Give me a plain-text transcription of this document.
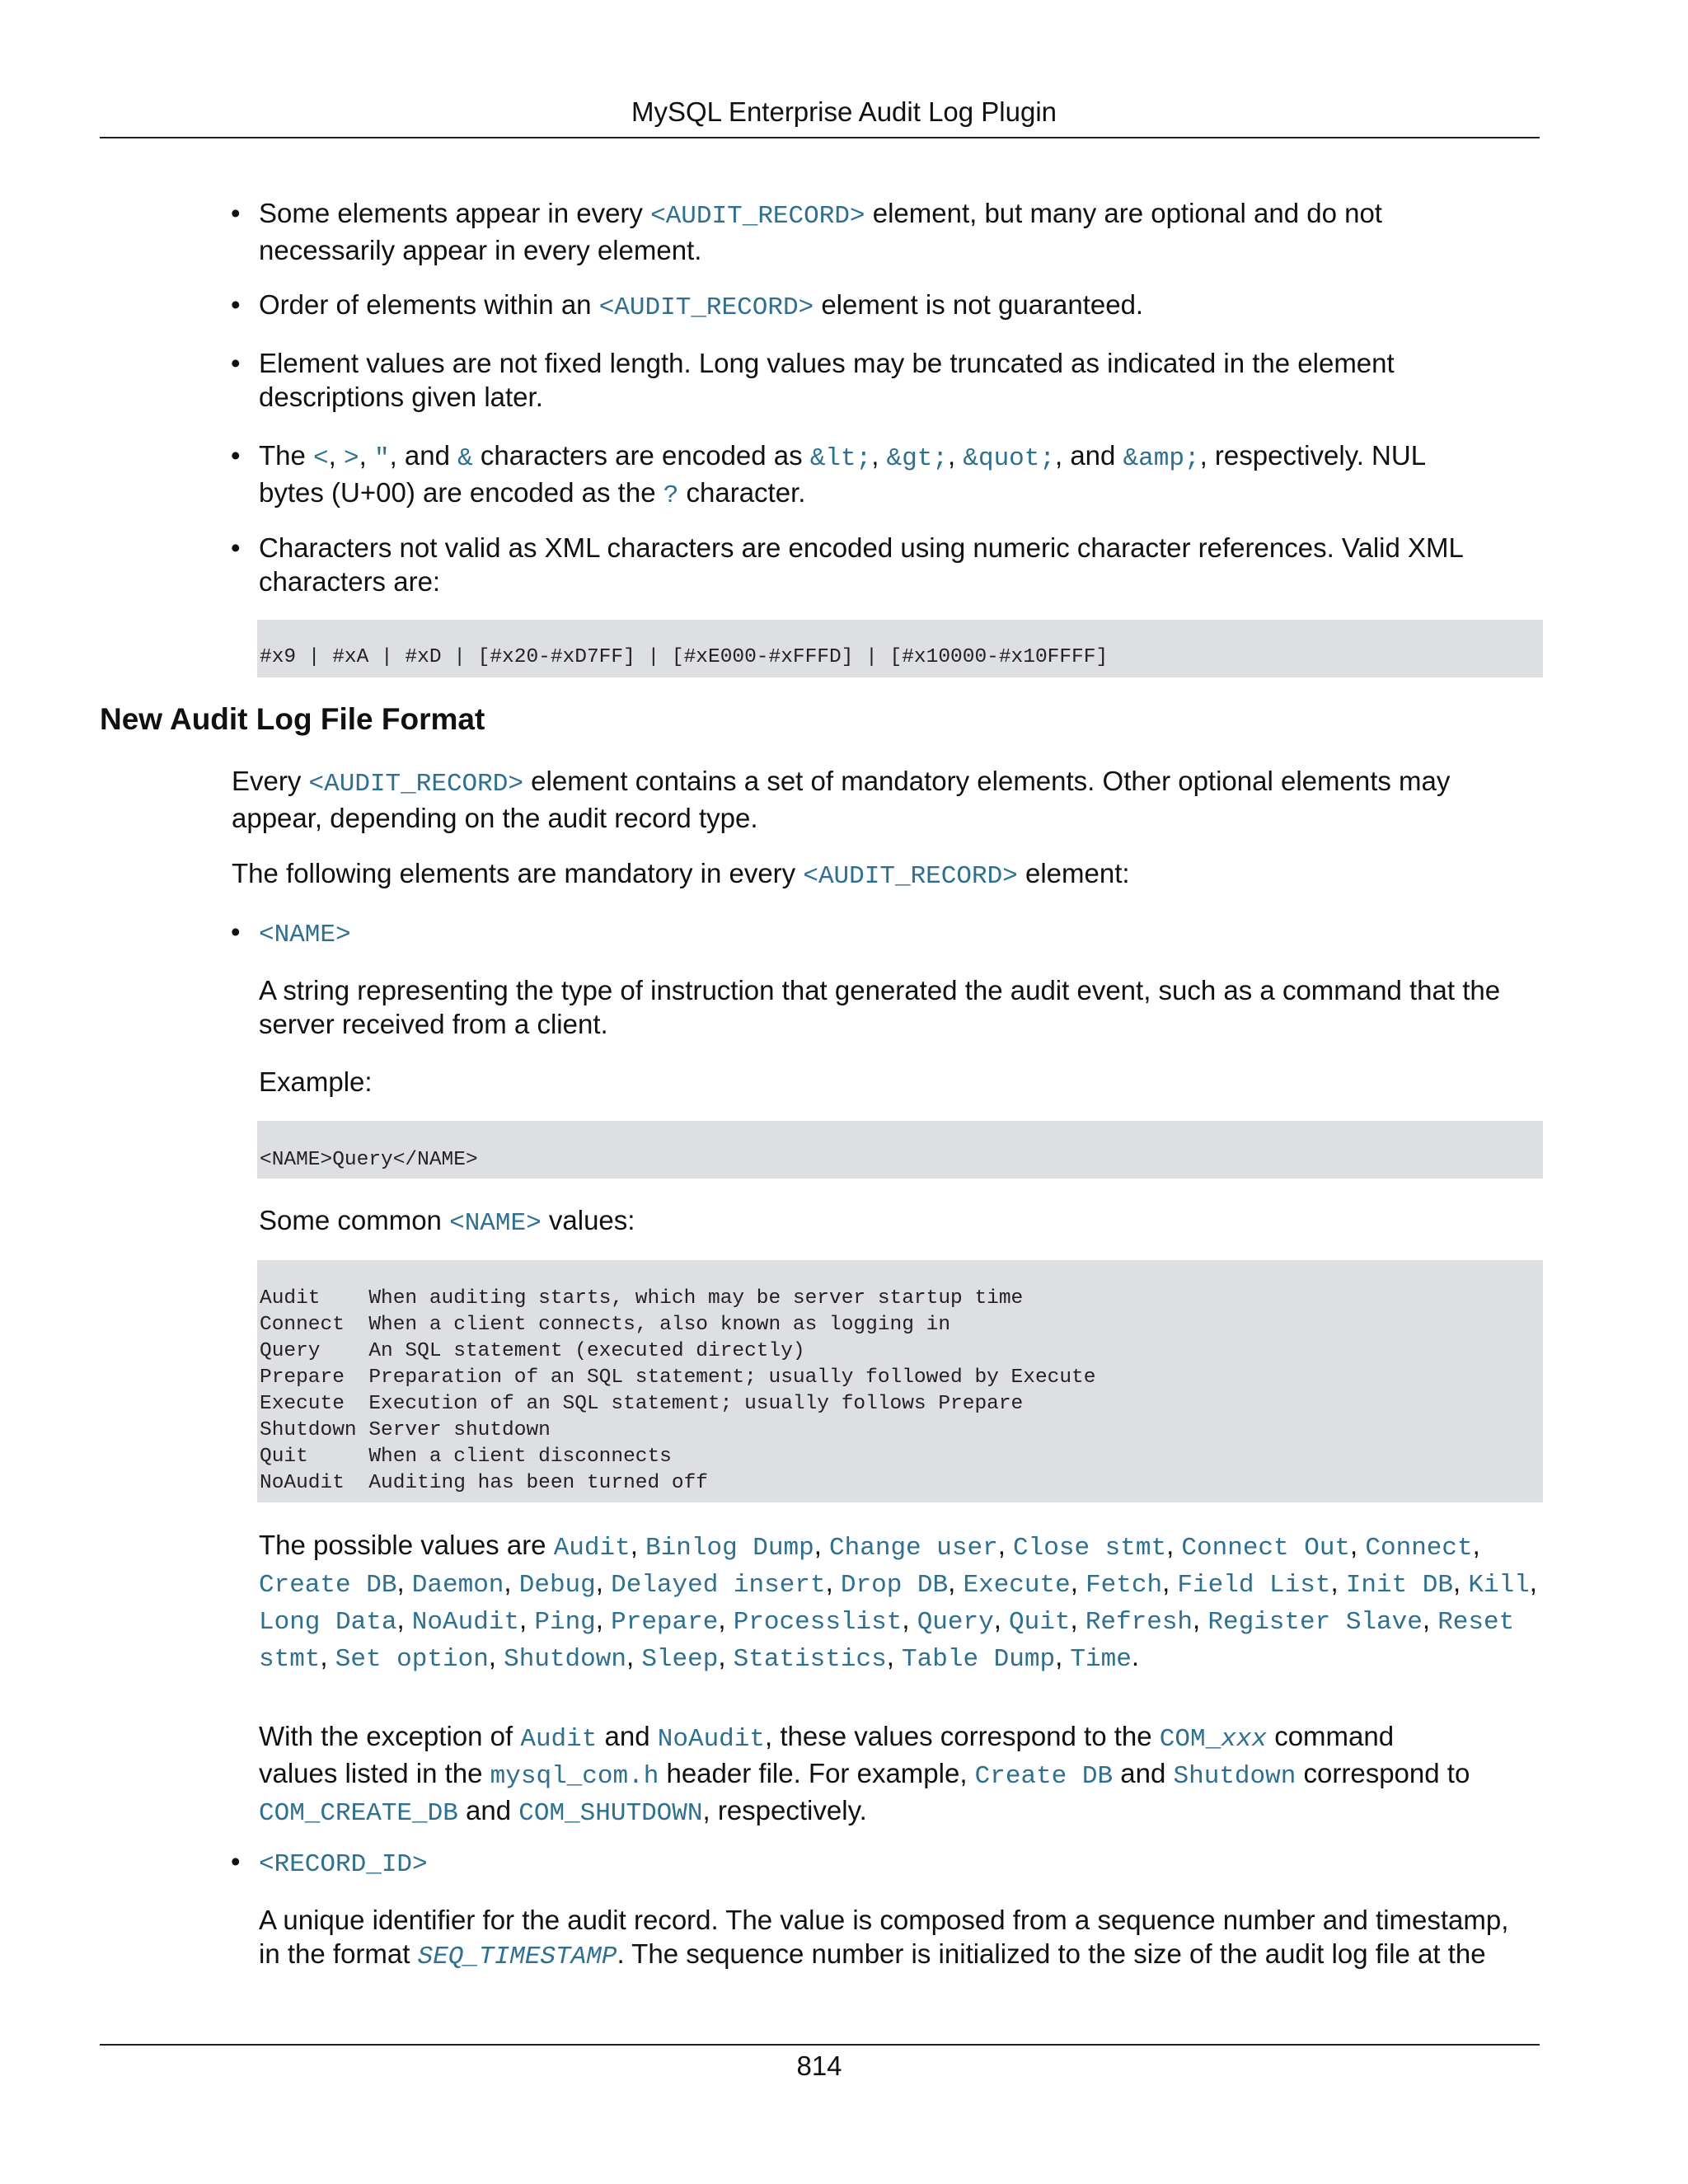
MySQL Enterprise Audit Log Plugin
• Some elements appear in every <AUDIT_RECORD> element, but many are optional and do not

necessarily appear in every element.

• Order of elements within an <AUDIT_RECORD> element is not guaranteed.

• Element values are not fixed length. Long values may be truncated as indicated in the element

descriptions given later.

• The <, >, ", and & characters are encoded as &lt;, &gt;, &quot;, and &amp;, respectively. NUL

bytes (U+00) are encoded as the ? character.

• Characters not valid as XML characters are encoded using numeric character references. Valid XML

characters are:

#x9 | #xA | #xD | [#x20-#xD7FF] | [#xE000-#xFFFD] | [#x10000-#x10FFFF]
New Audit Log File Format

Every <AUDIT_RECORD> element contains a set of mandatory elements. Other optional elements may

appear, depending on the audit record type.

The following elements are mandatory in every <AUDIT_RECORD> element:

• <NAME>

A string representing the type of instruction that generated the audit event, such as a command that the

server received from a client.

Example:
<NAME>Query</NAME>

Some common <NAME> values:

Audit    When auditing starts, which may be server startup time
Connect  When a client connects, also known as logging in
Query    An SQL statement (executed directly)
Prepare  Preparation of an SQL statement; usually followed by Execute
Execute  Execution of an SQL statement; usually follows Prepare
Shutdown Server shutdown
Quit     When a client disconnects
NoAudit  Auditing has been turned off

The possible values are Audit, Binlog Dump, Change user, Close stmt, Connect Out, Connect, Create DB, Daemon, Debug, Delayed insert, Drop DB, Execute, Fetch, Field List, Init DB, Kill, Long Data, NoAudit, Ping, Prepare, Processlist, Query, Quit, Refresh, Register Slave, Reset stmt, Set option, Shutdown, Sleep, Statistics, Table Dump, Time.

With the exception of Audit and NoAudit, these values correspond to the COM_xxx command

values listed in the mysql_com.h header file. For example, Create DB and Shutdown correspond to

COM_CREATE_DB and COM_SHUTDOWN, respectively.

• <RECORD_ID>

A unique identifier for the audit record. The value is composed from a sequence number and timestamp,

in the format SEQ_TIMESTAMP. The sequence number is initialized to the size of the audit log file at the

814
